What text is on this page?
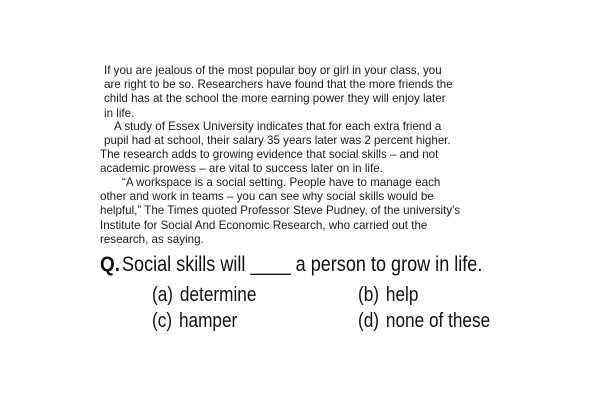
If you are jealous of the most popular boy or girl in your class, you
are right to be so. Researchers have found that the more friends the
child has at the school the more earning power they will enjoy later
in life.
A study of Essex University indicates that for each extra friend a
pupil had at school, their salary 35 years later was 2 percent higher.
The research adds to growing evidence that social skills – and not
academic prowess – are vital to success later on in life.
“A workspace is a social setting. People have to manage each
other and work in teams – you can see why social skills would be
helpful,” The Times quoted Professor Steve Pudney, of the university's
Institute for Social And Economic Research, who carried out the
research, as saying.
Q. Social skills will ____ a person to grow in life.
(a) determine	(b) help
(c) hamper	(d) none of these
